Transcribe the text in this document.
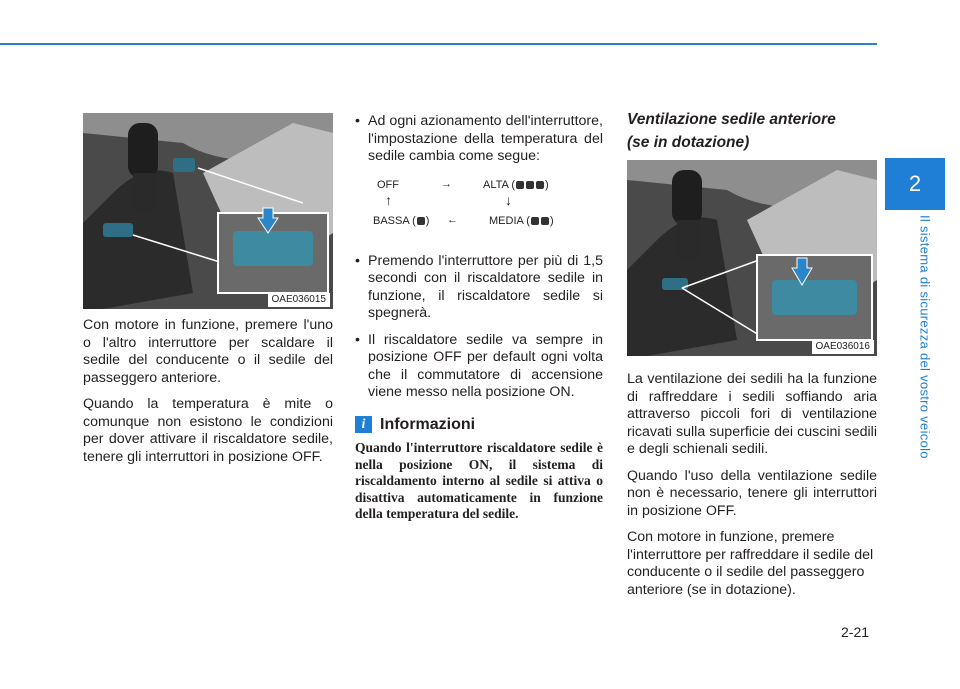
2
Il sistema di sicurezza del vostro veicolo
OAE036015

Con motore in funzione, premere l'uno o l'altro interruttore per scaldare il sedile del conducente o il sedile del passeggero anteriore.

Quando la temperatura è mite o comunque non esistono le condizioni per dover attivare il riscaldatore sedile, tenere gli interruttori in posizione OFF.

• Ad ogni azionamento dell'interruttore, l'impostazione della temperatura del sedile cambia come segue:
OFF	→	ALTA (	)
↑	↓
BASSA ( ) ←	MEDIA ( )
• Premendo l'interruttore per più di 1,5 secondi con il riscaldatore sedile in funzione, il riscaldatore sedile si spegnerà.
• Il riscaldatore sedile va sempre in posizione OFF per default ogni volta che il commutatore di accensione viene messo nella posizione ON.
i Informazioni

Quando l'interruttore riscaldatore sedile è nella posizione ON, il sistema di riscaldamento interno al sedile si attiva o disattiva automaticamente in funzione della temperatura del sedile.

Ventilazione sedile anteriore
(se in dotazione)
OAE036016

La ventilazione dei sedili ha la funzione di raffreddare i sedili soffiando aria attraverso piccoli fori di ventilazione ricavati sulla superficie dei cuscini sedili e degli schienali sedili.

Quando l'uso della ventilazione sedile non è necessario, tenere gli interruttori in posizione OFF.

Con motore in funzione, premere l'interruttore per raffreddare il sedile del conducente o il sedile del passeggero anteriore (se in dotazione).

2-21
